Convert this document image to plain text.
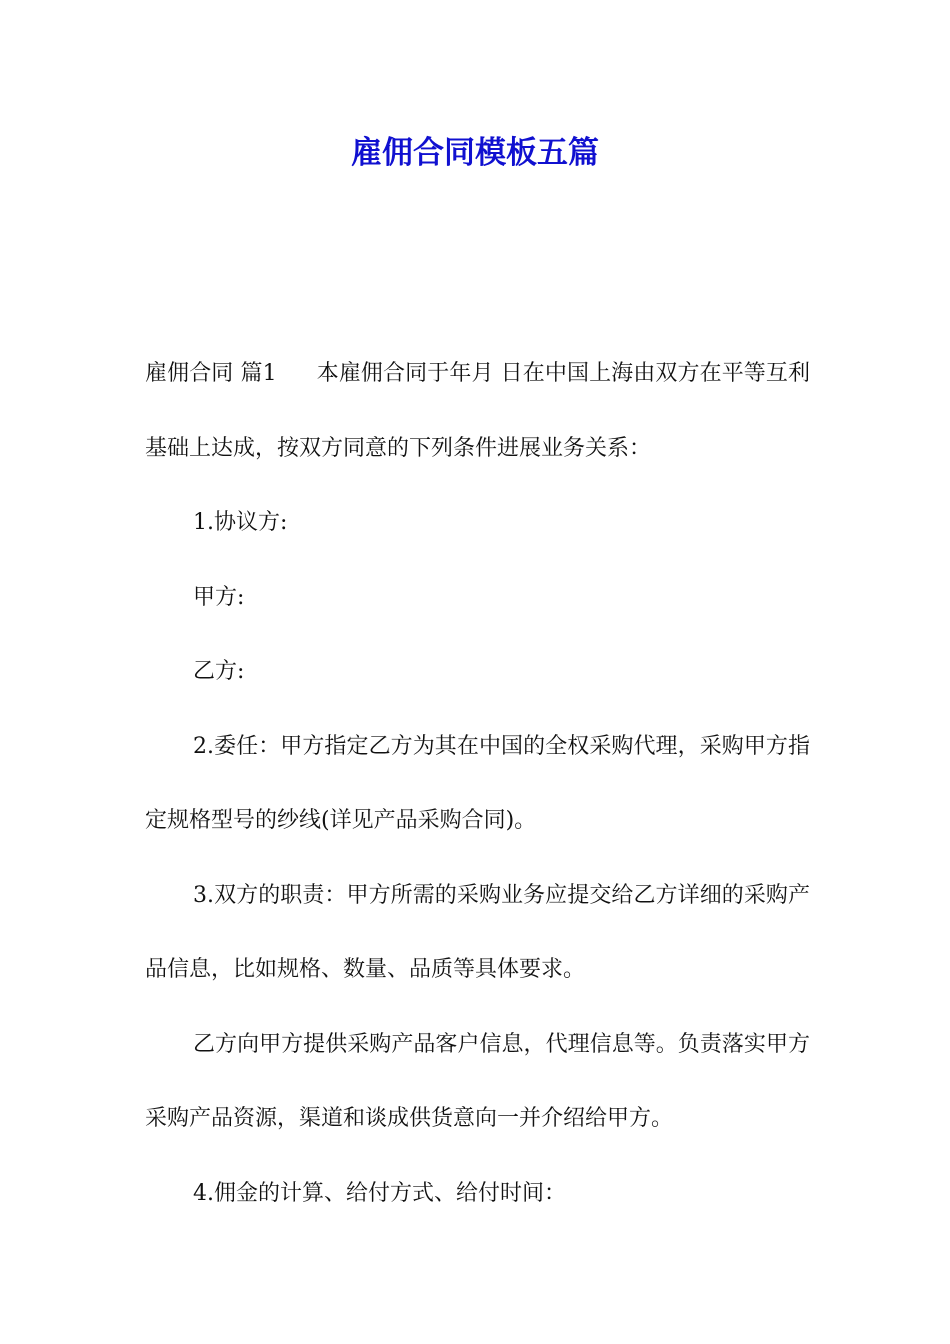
雇佣合同模板五篇

雇佣合同 篇1 本雇佣合同于年月 日在中国上海由双方在平等互利基础上达成，按双方同意的下列条件进展业务关系：

1.协议方:

甲方:

乙方:

2.委任：甲方指定乙方为其在中国的全权采购代理，采购甲方指定规格型号的纱线(详见产品采购合同)。

3.双方的职责：甲方所需的采购业务应提交给乙方详细的采购产品信息，比如规格、数量、品质等具体要求。

乙方向甲方提供采购产品客户信息，代理信息等。负责落实甲方采购产品资源，渠道和谈成供货意向一并介绍给甲方。

4.佣金的计算、给付方式、给付时间：
